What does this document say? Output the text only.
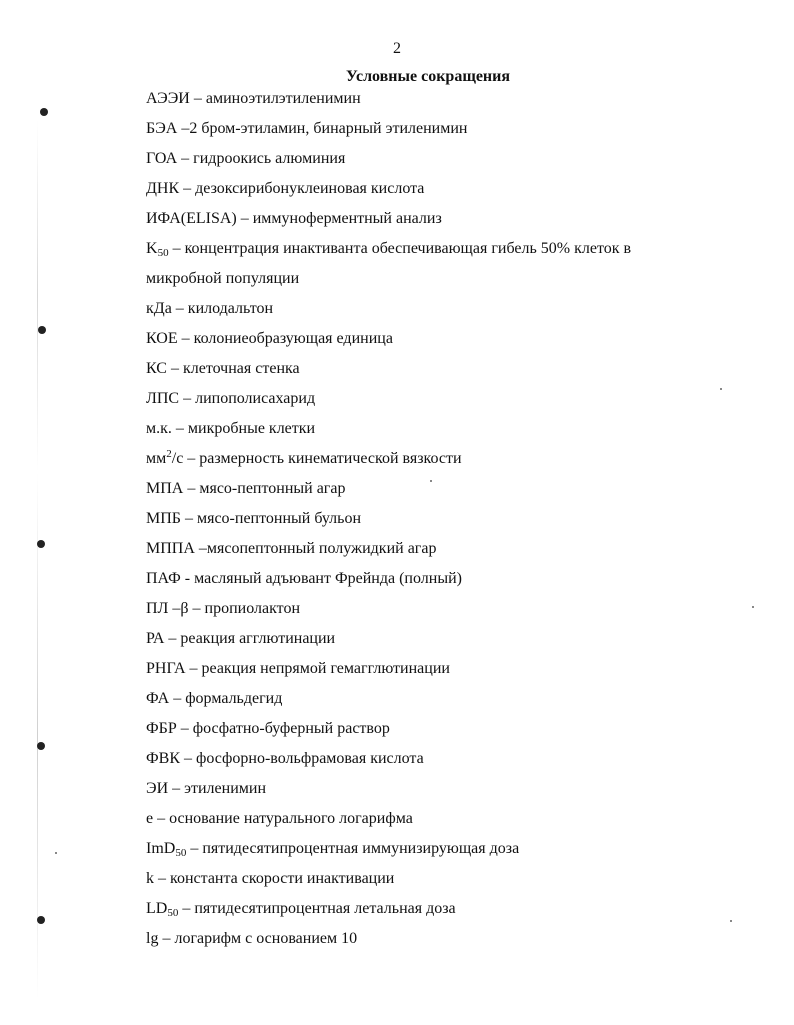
2
Условные сокращения
АЭЭИ – аминоэтилэтиленимин
БЭА –2 бром-этиламин, бинарный этиленимин
ГОА – гидроокись алюминия
ДНК – дезоксирибонуклеиновая кислота
ИФА(ELISA) – иммуноферментный анализ
$K_{50}$ – концентрация инактиванта обеспечивающая гибель 50% клеток в
микробной популяции
кДа – килодальтон
КОЕ – колониеобразующая единица
КС – клеточная стенка
ЛПС – липополисахарид
м.к. – микробные клетки
$мм^2/с$ – размерность кинематической вязкости
МПА – мясо-пептонный агар
МПБ – мясо-пептонный бульон
МППА –мясопептонный полужидкий агар
ПАФ - масляный адъювант Фрейнда (полный)
ПЛ –β – пропиолактон
РА – реакция агглютинации
РНГА – реакция непрямой гемагглютинации
ФА – формальдегид
ФБР – фосфатно-буферный раствор
ФВК – фосфорно-вольфрамовая кислота
ЭИ – этиленимин
e – основание натурального логарифма
ImD$_{50}$ – пятидесятипроцентная иммунизирующая доза
k – константа скорости инактивации
$LD_{50}$ – пятидесятипроцентная летальная доза
lg – логарифм с основанием 10
